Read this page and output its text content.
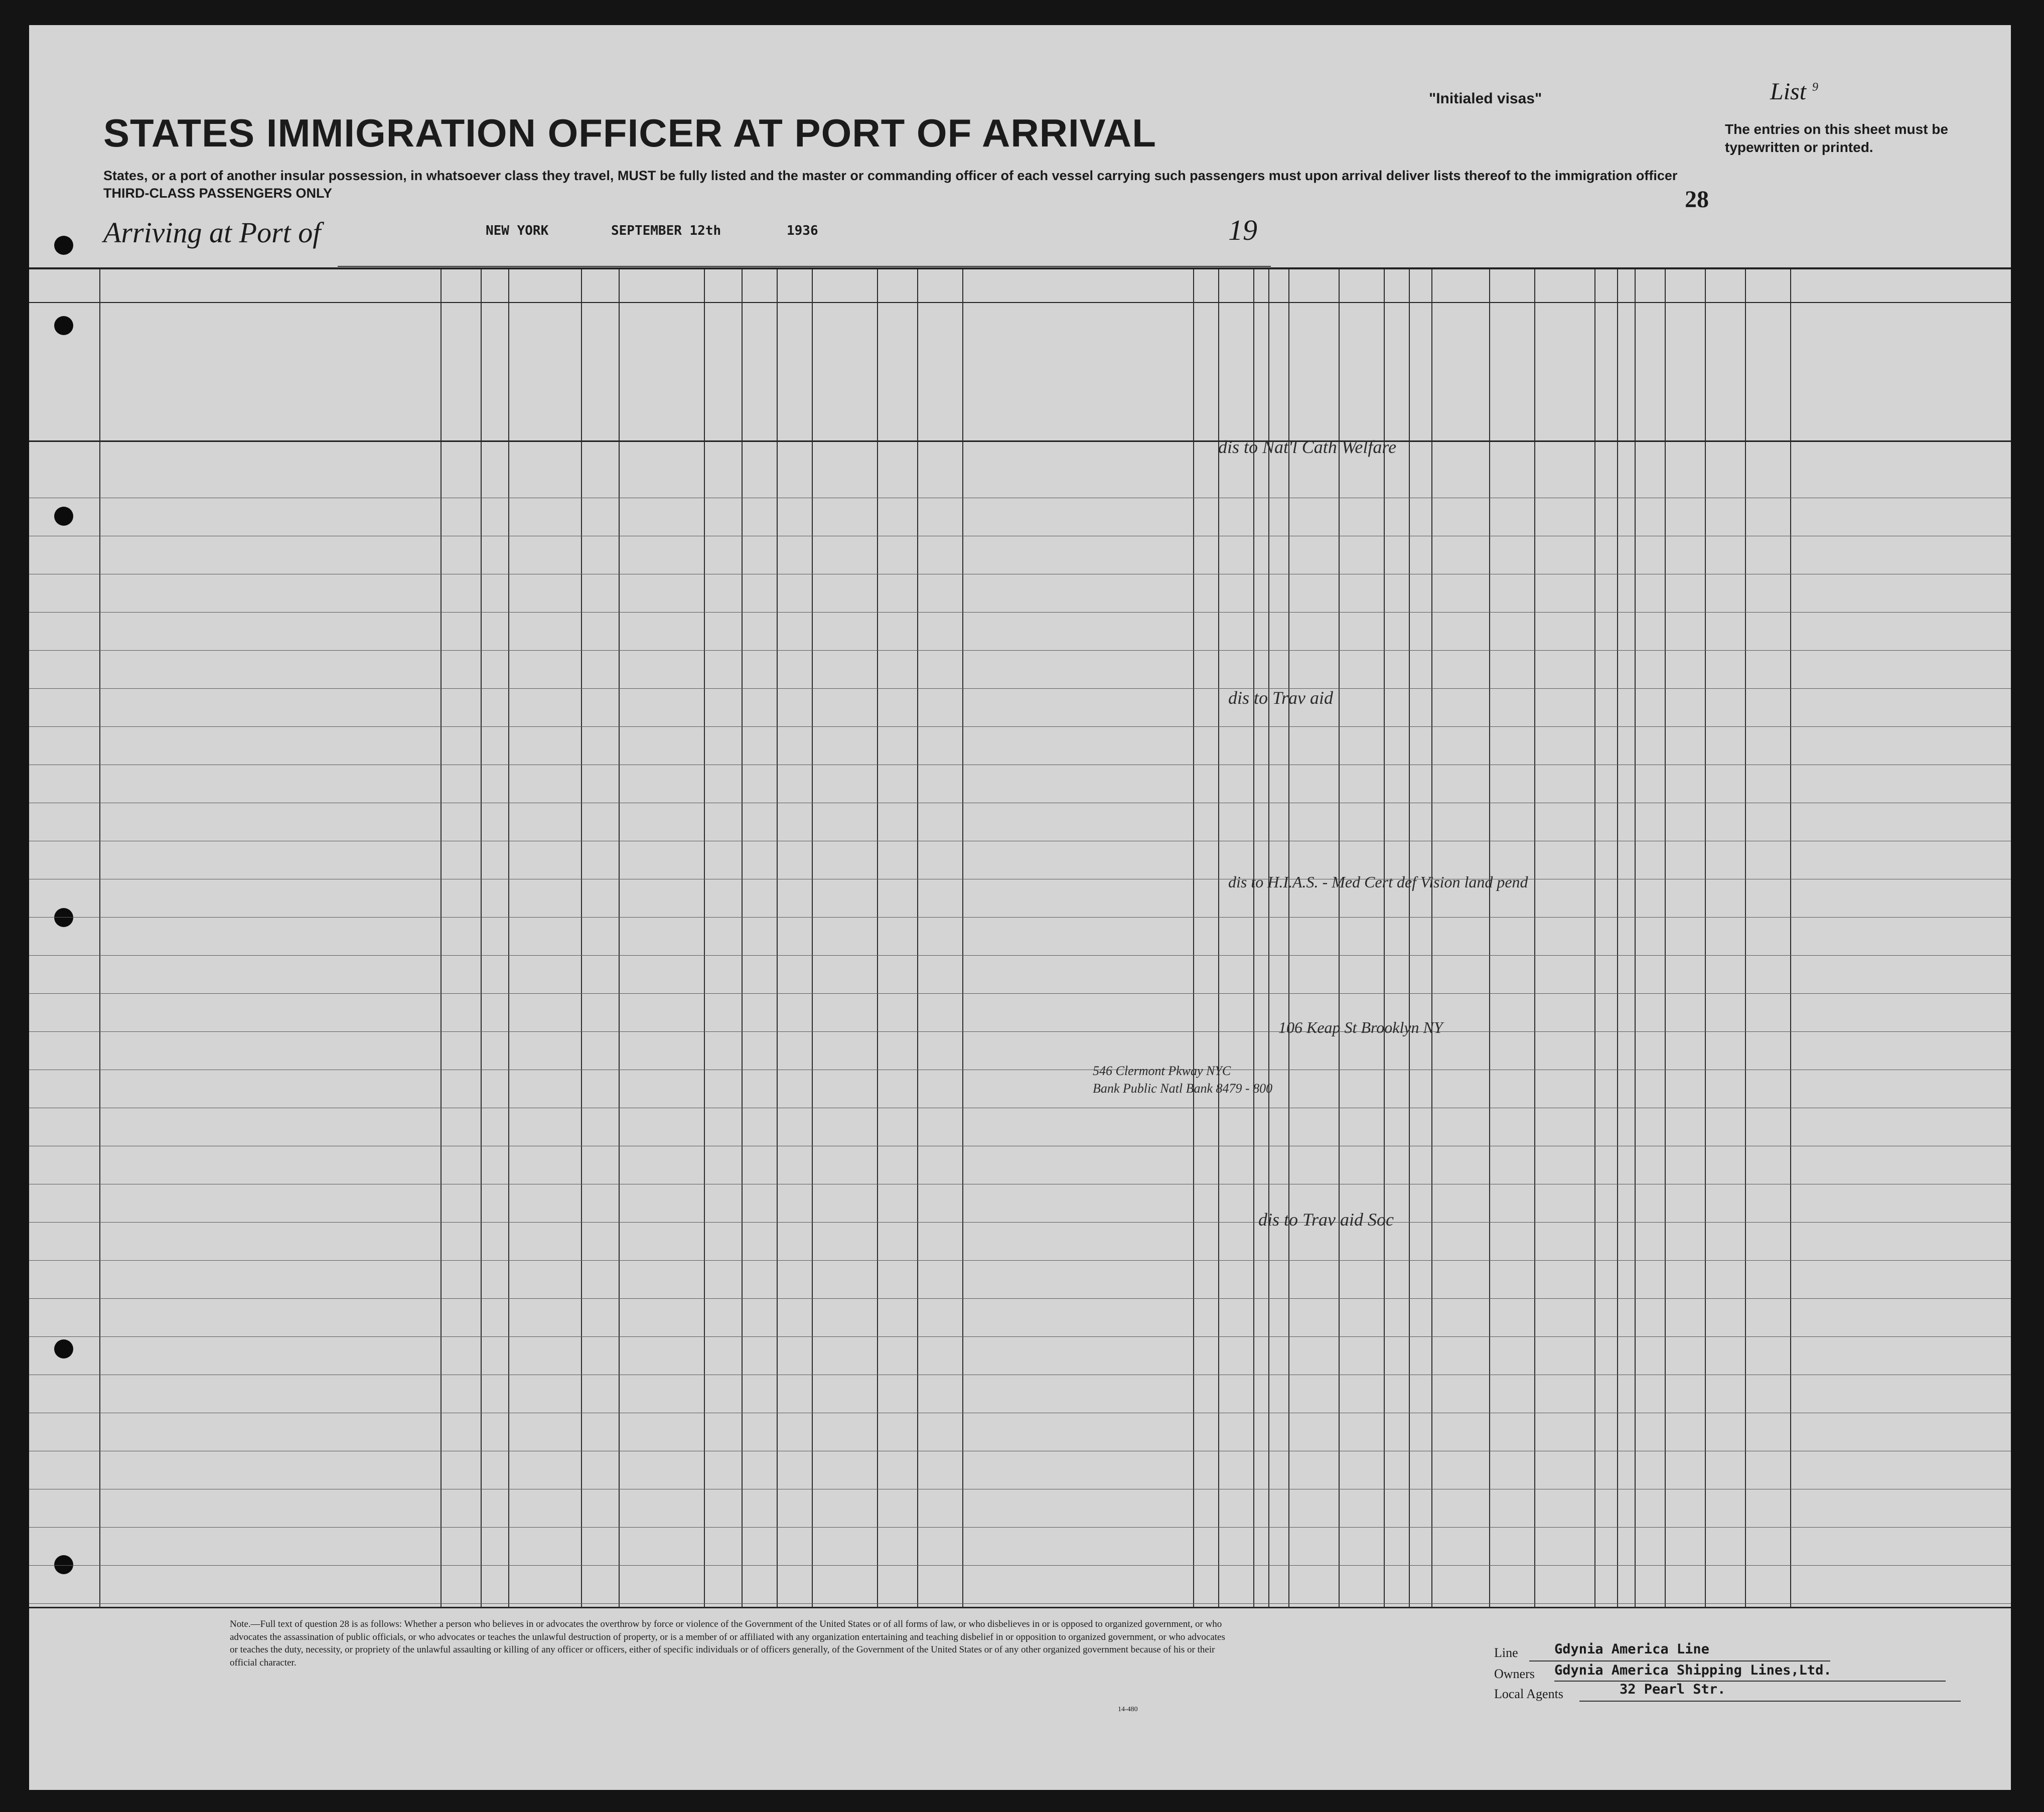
"Initialed visas"	List $^9$
The entries on this sheet must be typewritten or printed.
STATES IMMIGRATION OFFICER AT PORT OF ARRIVAL
States, or a port of another insular possession, in whatsoever class they travel, MUST be fully listed and the master or commanding officer of each vessel carrying such passengers must upon arrival deliver lists thereof to the immigration officer
THIRD-CLASS PASSENGERS ONLY	28
Arriving at Port of	NEW YORK	SEPTEMBER 12th	1936	19
dis to Nat'l Cath Welfare
dis to Trav aid
dis to H.I.A.S. - Med Cert def Vision land pend
dis to Trav aid Soc
106 Keap St Brooklyn NY
546 Clermont Pkway NYC
Bank Public Natl Bank 8479 - 800
Note.—Full text of question 28 is as follows: Whether a person who believes in or advocates the overthrow by force or violence of the Government of the United States or of all forms of law, or who disbelieves in or is opposed to organized government, or who advocates the assassination of public officials, or who advocates or teaches the unlawful destruction of property, or is a member of or affiliated with any organization entertaining and teaching disbelief in or opposition to organized government, or who advocates or teaches the duty, necessity, or propriety of the unlawful assaulting or killing of any officer or officers, either of specific individuals or of officers generally, of the Government of the United States or of any other organized government because of his or their official character.
14-480
Line	Gdynia America Line
Owners Gdynia America Shipping Lines,Ltd.
Local Agents	32 Pearl Str.
